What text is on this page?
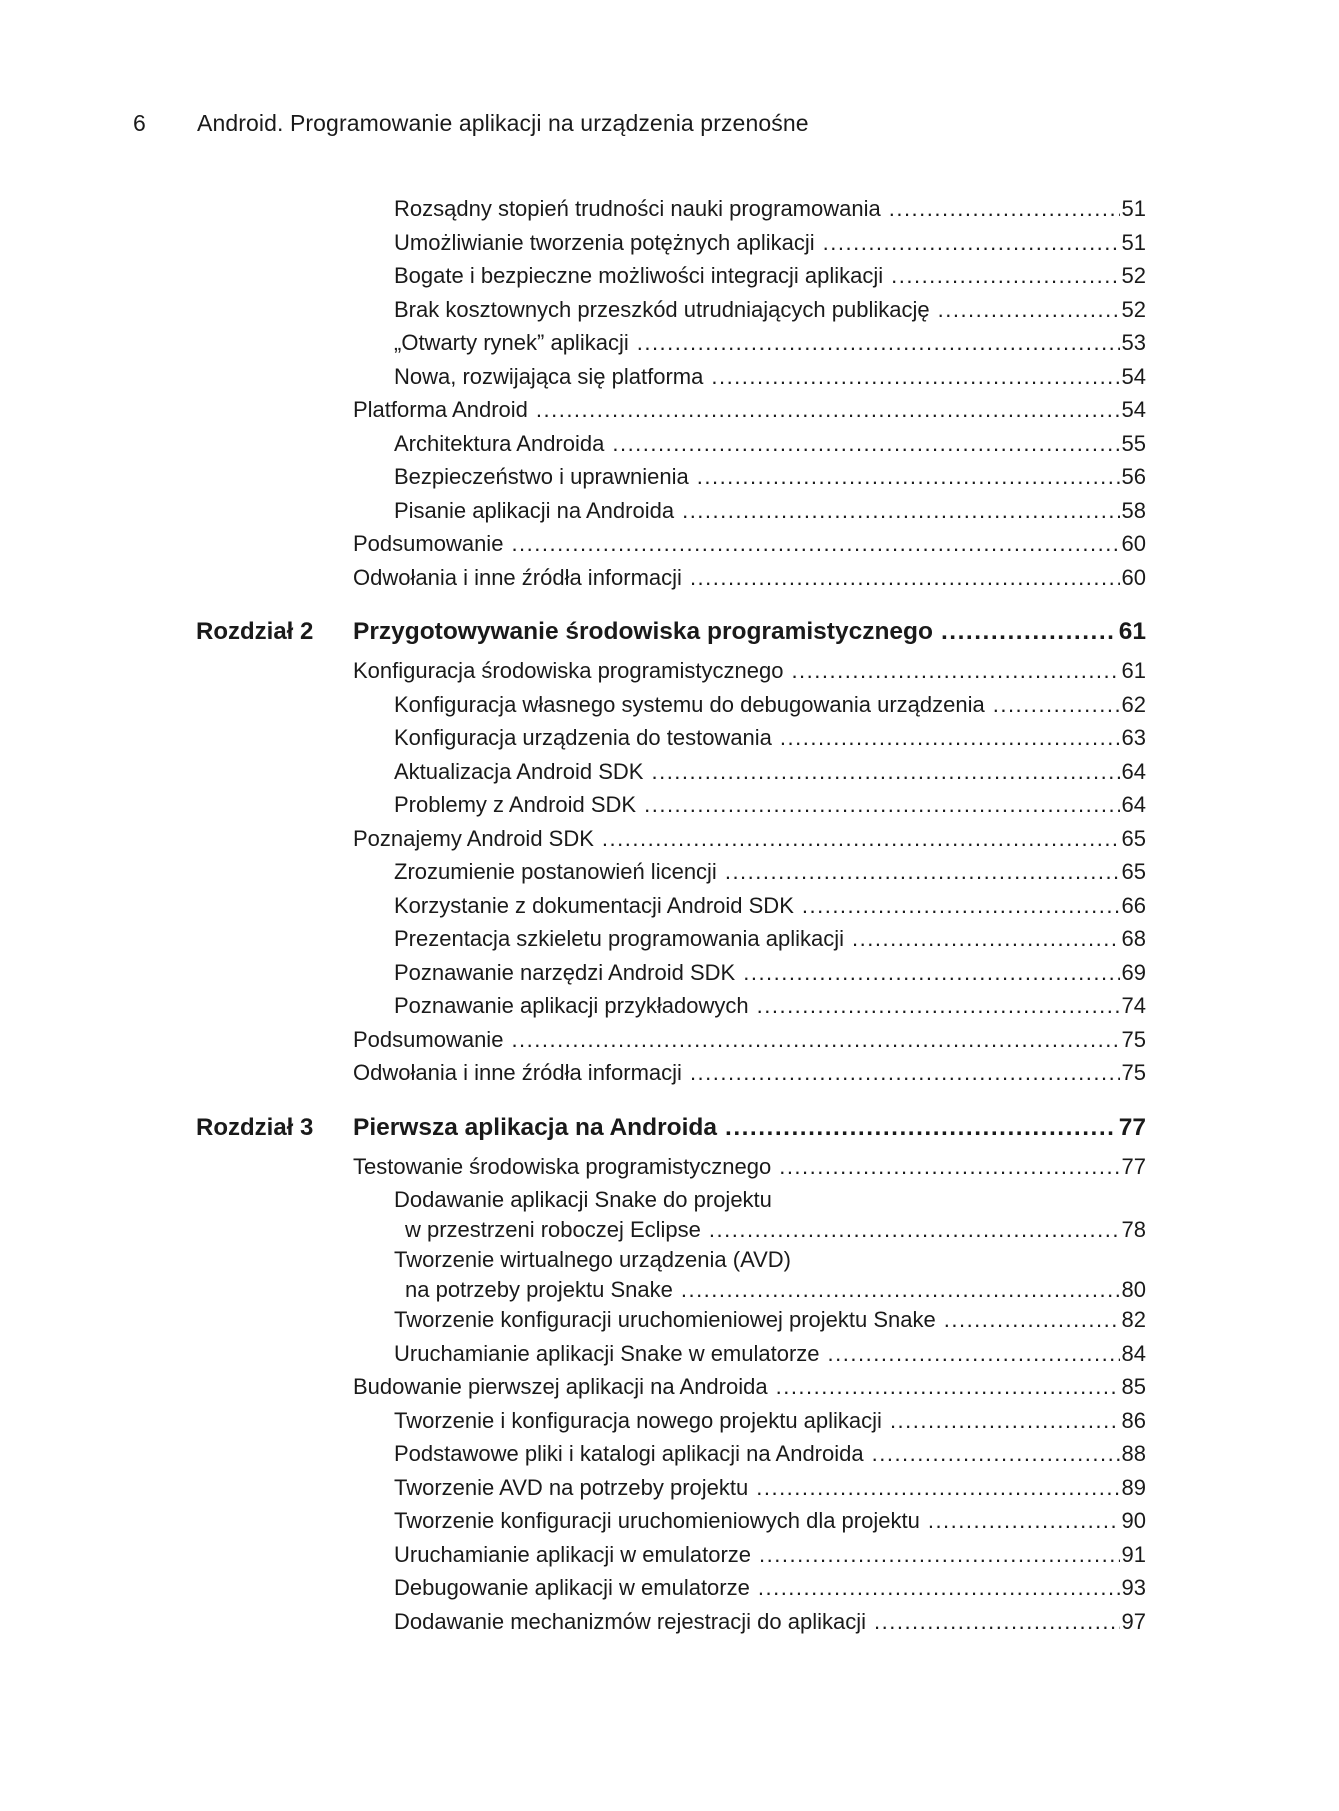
6 Android. Programowanie aplikacji na urządzenia przenośne
Rozsądny stopień trudności nauki programowania .....	51
Umożliwianie tworzenia potężnych aplikacji .....	51
Bogate i bezpieczne możliwości integracji aplikacji .....	52
Brak kosztownych przeszkód utrudniających publikację .....	52
„Otwarty rynek” aplikacji .....	53
Nowa, rozwijająca się platforma .....	54
Platforma Android .....	54
Architektura Androida .....	55
Bezpieczeństwo i uprawnienia .....	56
Pisanie aplikacji na Androida .....	58
Podsumowanie .....	60
Odwołania i inne źródła informacji .....	60
Rozdział 2 Przygotowywanie środowiska programistycznego .....	61
Konfiguracja środowiska programistycznego .....	61
Konfiguracja własnego systemu do debugowania urządzenia .....	62
Konfiguracja urządzenia do testowania .....	63
Aktualizacja Android SDK .....	64
Problemy z Android SDK .....	64
Poznajemy Android SDK .....	65
Zrozumienie postanowień licencji .....	65
Korzystanie z dokumentacji Android SDK .....	66
Prezentacja szkieletu programowania aplikacji .....	68
Poznawanie narzędzi Android SDK .....	69
Poznawanie aplikacji przykładowych .....	74
Podsumowanie .....	75
Odwołania i inne źródła informacji .....	75
Rozdział 3 Pierwsza aplikacja na Androida .....	77
Testowanie środowiska programistycznego .....	77
Dodawanie aplikacji Snake do projektu
w przestrzeni roboczej Eclipse .....	78
Tworzenie wirtualnego urządzenia (AVD)
na potrzeby projektu Snake .....	80
Tworzenie konfiguracji uruchomieniowej projektu Snake .....	82
Uruchamianie aplikacji Snake w emulatorze .....	84
Budowanie pierwszej aplikacji na Androida .....	85
Tworzenie i konfiguracja nowego projektu aplikacji .....	86
Podstawowe pliki i katalogi aplikacji na Androida .....	88
Tworzenie AVD na potrzeby projektu .....	89
Tworzenie konfiguracji uruchomieniowych dla projektu .....	90
Uruchamianie aplikacji w emulatorze .....	91
Debugowanie aplikacji w emulatorze .....	93
Dodawanie mechanizmów rejestracji do aplikacji .....	97
